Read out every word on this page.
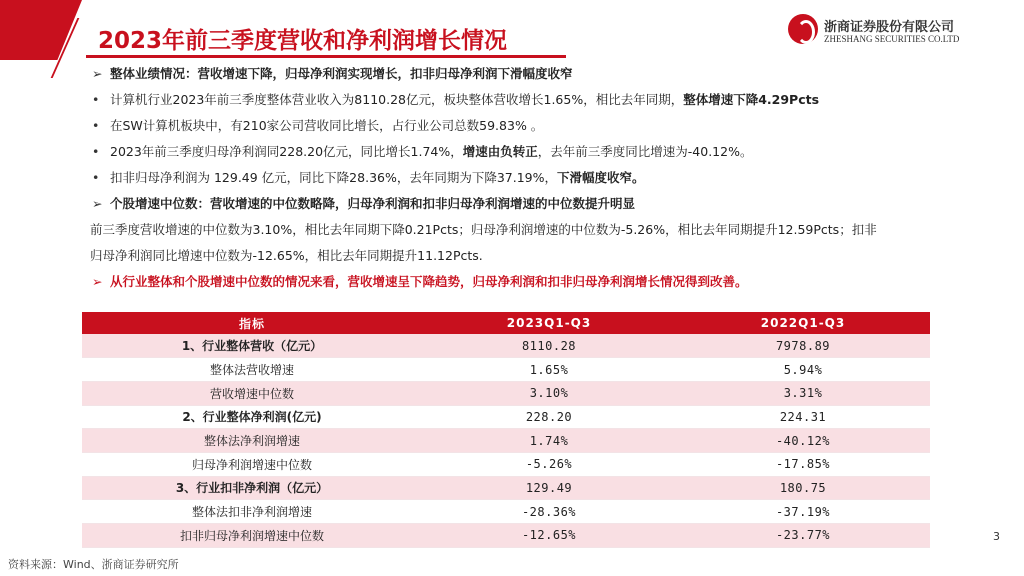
2023年前三季度营收和净利润增长情况
浙商证券股份有限公司
ZHESHANG SECURITIES CO.LTD
➢ 整体业绩情况：营收增速下降，归母净利润实现增长，扣非归母净利润下滑幅度收窄
• 计算机行业2023年前三季度整体营业收入为8110.28亿元，板块整体营收增长1.65%，相比去年同期，整体增速下降4.29Pcts
• 在SW计算机板块中，有210家公司营收同比增长，占行业公司总数59.83% 。
• 2023年前三季度归母净利润同228.20亿元，同比增长1.74%，增速由负转正，去年前三季度同比增速为-40.12%。
• 扣非归母净利润为 129.49 亿元，同比下降28.36%，去年同期为下降37.19%，下滑幅度收窄。
➢ 个股增速中位数：营收增速的中位数略降，归母净利润和扣非归母净利润增速的中位数提升明显
前三季度营收增速的中位数为3.10%，相比去年同期下降0.21Pcts；归母净利润增速的中位数为-5.26%，相比去年同期提升12.59Pcts；扣非
归母净利润同比增速中位数为-12.65%，相比去年同期提升11.12Pcts.
➢ 从行业整体和个股增速中位数的情况来看，营收增速呈下降趋势，归母净利润和扣非归母净利润增长情况得到改善。
指标	2023Q1-Q3	2022Q1-Q3
1、行业整体营收（亿元）	8110.28	7978.89
整体法营收增速	1.65%	5.94%
营收增速中位数	3.10%	3.31%
2、行业整体净利润(亿元)	228.20	224.31
整体法净利润增速	1.74%	-40.12%
归母净利润增速中位数	-5.26%	-17.85%
3、行业扣非净利润（亿元）	129.49	180.75
整体法扣非净利润增速	-28.36%	-37.19%
扣非归母净利润增速中位数	-12.65%	-23.77%	3
资料来源：Wind、浙商证券研究所
